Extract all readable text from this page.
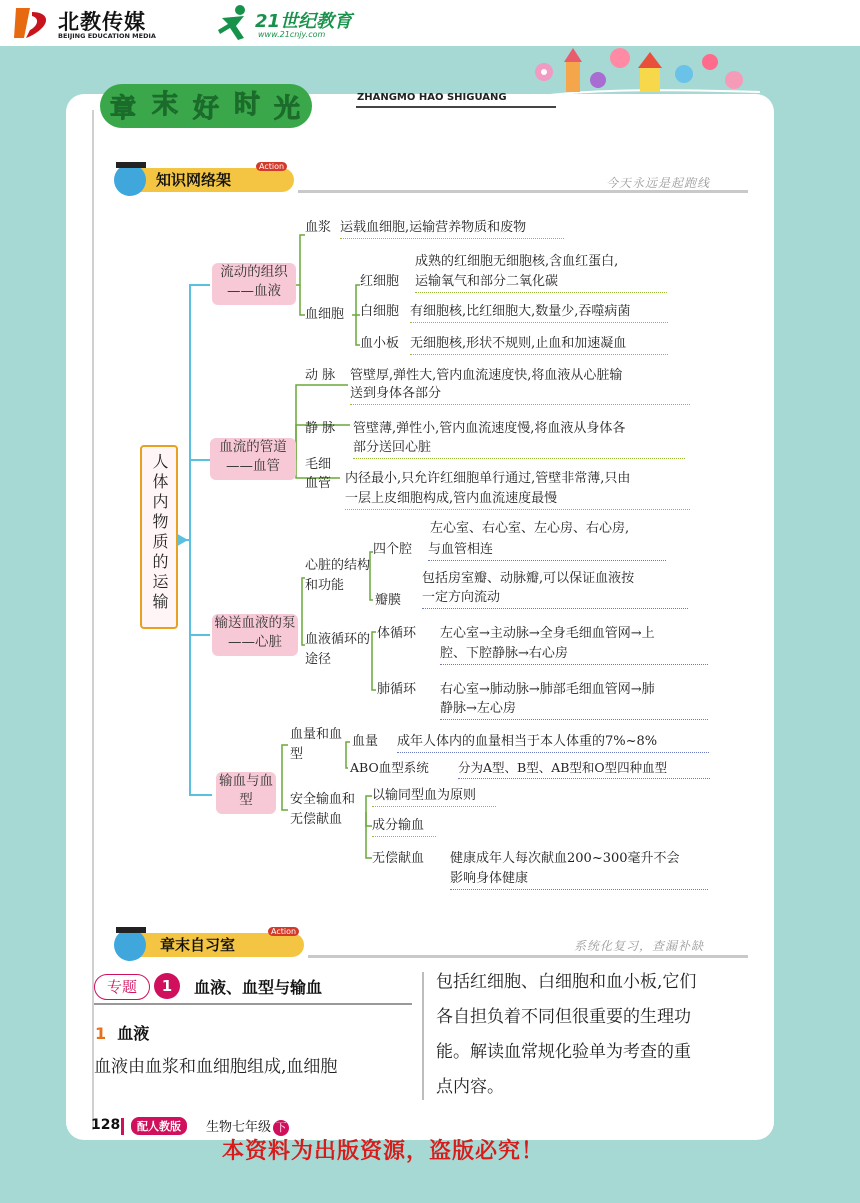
北教传媒
BEIJING EDUCATION MEDIA
21世纪教育
www.21cnjy.com
章 末 好 时 光	ZHANGMO HAO SHIGUANG
知识网络架
Action
今天永远是起跑线
人体内物质的运输
流动的组织——血液
血流的管道——血管
输送血液的泵——心脏
输血与血型
血浆 运载血细胞,运输营养物质和废物
血细胞
成熟的红细胞无细胞核,含血红蛋白,
红细胞 运输氧气和部分二氧化碳
白细胞 有细胞核,比红细胞大,数量少,吞噬病菌
血小板 无细胞核,形状不规则,止血和加速凝血
动 脉 管壁厚,弹性大,管内血流速度快,将血液从心脏输
送到身体各部分
静 脉 管壁薄,弹性小,管内血流速度慢,将血液从身体各
部分送回心脏
毛细
血管 内径最小,只允许红细胞单行通过,管壁非常薄,只由
一层上皮细胞构成,管内血流速度最慢
心脏的结构和功能
左心室、右心室、左心房、右心房,
四个腔 与血管相连
包括房室瓣、动脉瓣,可以保证血液按
瓣膜 一定方向流动
血液循环的途径
体循环 左心室→主动脉→全身毛细血管网→上
腔、下腔静脉→右心房
肺循环 右心室→肺动脉→肺部毛细血管网→肺
静脉→左心房
血量和血型
血量 成年人体内的血量相当于本人体重的7%~8%
ABO血型系统 分为A型、B型、AB型和O型四种血型
安全输血和无偿献血
以输同型血为原则
成分输血
无偿献血 健康成年人每次献血200~300毫升不会
影响身体健康
章末自习室
Action
系统化复习，查漏补缺
专题	1	血液、血型与输血
1 血液
血液由血浆和血细胞组成,血细胞
包括红细胞、白细胞和血小板,它们
各自担负着不同但很重要的生理功
能。解读血常规化验单为考查的重
点内容。
128	配人教版	生物七年级 下
本资料为出版资源，盗版必究！
